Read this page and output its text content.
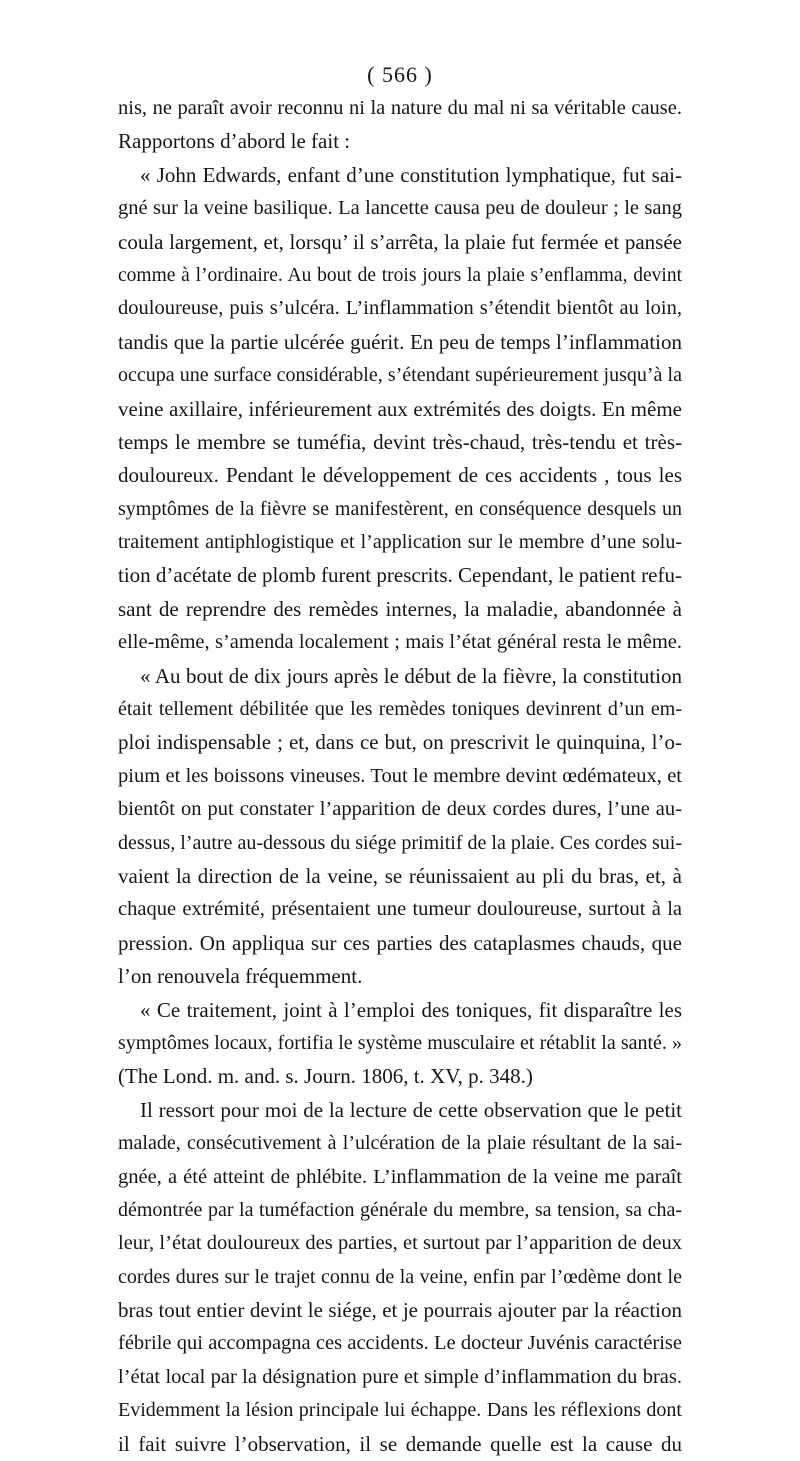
( 566 )
nis, ne paraît avoir reconnu ni la nature du mal ni sa véritable cause.
Rapportons d’abord le fait :
« John Edwards, enfant d’une constitution lymphatique, fut sai-
gné sur la veine basilique. La lancette causa peu de douleur ; le sang
coula largement, et, lorsqu’ il s’arrêta, la plaie fut fermée et pansée
comme à l’ordinaire. Au bout de trois jours la plaie s’enflamma, devint
douloureuse, puis s’ulcéra. L’inflammation s’étendit bientôt au loin,
tandis que la partie ulcérée guérit. En peu de temps l’inflammation
occupa une surface considérable, s’étendant supérieurement jusqu’à la
veine axillaire, inférieurement aux extrémités des doigts. En même
temps le membre se tuméfia, devint très-chaud, très-tendu et très-
douloureux. Pendant le développement de ces accidents , tous les
symptômes de la fièvre se manifestèrent, en conséquence desquels un
traitement antiphlogistique et l’application sur le membre d’une solu-
tion d’acétate de plomb furent prescrits. Cependant, le patient refu-
sant de reprendre des remèdes internes, la maladie, abandonnée à
elle-même, s’amenda localement ; mais l’état général resta le même.
« Au bout de dix jours après le début de la fièvre, la constitution
était tellement débilitée que les remèdes toniques devinrent d’un em-
ploi indispensable ; et, dans ce but, on prescrivit le quinquina, l’o-
pium et les boissons vineuses. Tout le membre devint œdémateux, et
bientôt on put constater l’apparition de deux cordes dures, l’une au-
dessus, l’autre au-dessous du siége primitif de la plaie. Ces cordes sui-
vaient la direction de la veine, se réunissaient au pli du bras, et, à
chaque extrémité, présentaient une tumeur douloureuse, surtout à la
pression. On appliqua sur ces parties des cataplasmes chauds, que
l’on renouvela fréquemment.
« Ce traitement, joint à l’emploi des toniques, fit disparaître les
symptômes locaux, fortifia le système musculaire et rétablit la santé. »
(The Lond. m. and. s. Journ. 1806, t. XV, p. 348.)
Il ressort pour moi de la lecture de cette observation que le petit
malade, consécutivement à l’ulcération de la plaie résultant de la sai-
gnée, a été atteint de phlébite. L’inflammation de la veine me paraît
démontrée par la tuméfaction générale du membre, sa tension, sa cha-
leur, l’état douloureux des parties, et surtout par l’apparition de deux
cordes dures sur le trajet connu de la veine, enfin par l’œdème dont le
bras tout entier devint le siége, et je pourrais ajouter par la réaction
fébrile qui accompagna ces accidents. Le docteur Juvénis caractérise
l’état local par la désignation pure et simple d’inflammation du bras.
Evidemment la lésion principale lui échappe. Dans les réflexions dont
il fait suivre l’observation, il se demande quelle est la cause du
